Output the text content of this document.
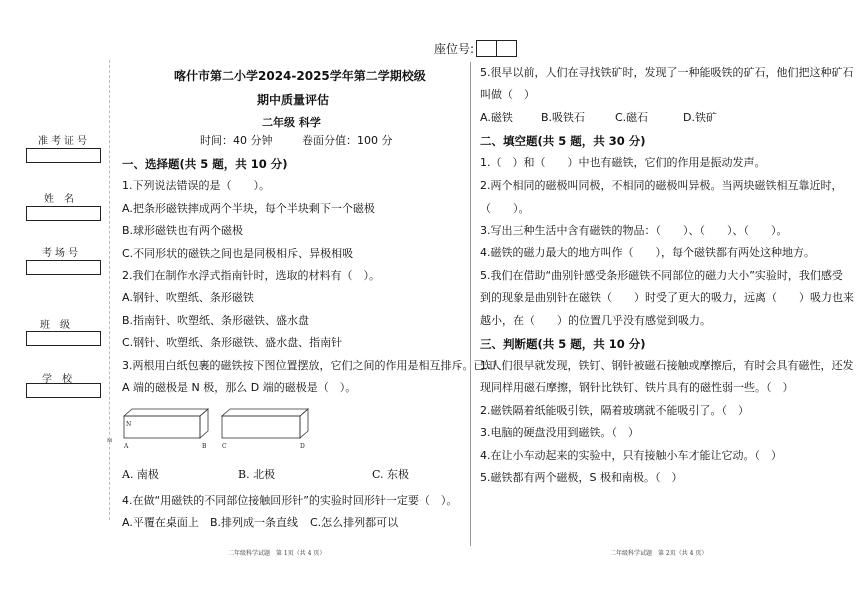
座位号:
准考证号
姓　名
考场号
班　级
学　校
喀什市第二小学2024-2025学年第二学期校级
期中质量评估
二年级 科学
时间：40 分钟	卷面分值：100 分
一、选择题(共 5 题，共 10 分)
1.下列说法错误的是（　　）。
A.把条形磁铁摔成两个半块，每个半块剩下一个磁极
B.球形磁铁也有两个磁极
C.不同形状的磁铁之间也是同极相斥、异极相吸
2.我们在制作水浮式指南针时，选取的材料有（　）。
A.钢针、吹塑纸、条形磁铁
B.指南针、吹塑纸、条形磁铁、盛水盘
C.钢针、吹塑纸、条形磁铁、盛水盘、指南针
3.两根用白纸包裹的磁铁按下图位置摆放，它们之间的作用是相互排斥。已知
A 端的磁极是 N 极，那么 D 端的磁极是（　）。
N
A	B	C	D
M
A. 南极	B. 北极	C. 东极
4.在做“用磁铁的不同部位接触回形针”的实验时回形针一定要（　）。
A.平覆在桌面上 B.排列成一条直线 C.怎么排列都可以
二年级科学试题　第 1页（共 4 页）
5.很早以前，人们在寻找铁矿时，发现了一种能吸铁的矿石，他们把这种矿石
叫做（　）
A.磁铁	B.吸铁石	C.磁石	D.铁矿
二、填空题(共 5 题，共 30 分)
1.（　）和（　　）中也有磁铁，它们的作用是振动发声。
2.两个相同的磁极叫同极，不相同的磁极叫异极。当两块磁铁相互靠近时，
（　　）。
3.写出三种生活中含有磁铁的物品：（　　）、（　　）、（　　）。
4.磁铁的磁力最大的地方叫作（　　），每个磁铁都有两处这种地方。
5.我们在借助“曲别针感受条形磁铁不同部位的磁力大小”实验时，我们感受
到的现象是曲别针在磁铁（　　）时受了更大的吸力，远离（　　）吸力也来
越小，在（　　）的位置几乎没有感觉到吸力。
三、判断题(共 5 题，共 10 分)
1.人们很早就发现，铁钉、钢针被磁石接触或摩擦后，有时会具有磁性，还发
现同样用磁石摩擦，钢针比铁钉、铁片具有的磁性弱一些。（　）
2.磁铁隔着纸能吸引铁，隔着玻璃就不能吸引了。（　）
3.电脑的硬盘没用到磁铁。（　）
4.在让小车动起来的实验中，只有接触小车才能让它动。（　）
5.磁铁都有两个磁极，S 极和南极。（　）
二年级科学试题　第 2页（共 4 页）
